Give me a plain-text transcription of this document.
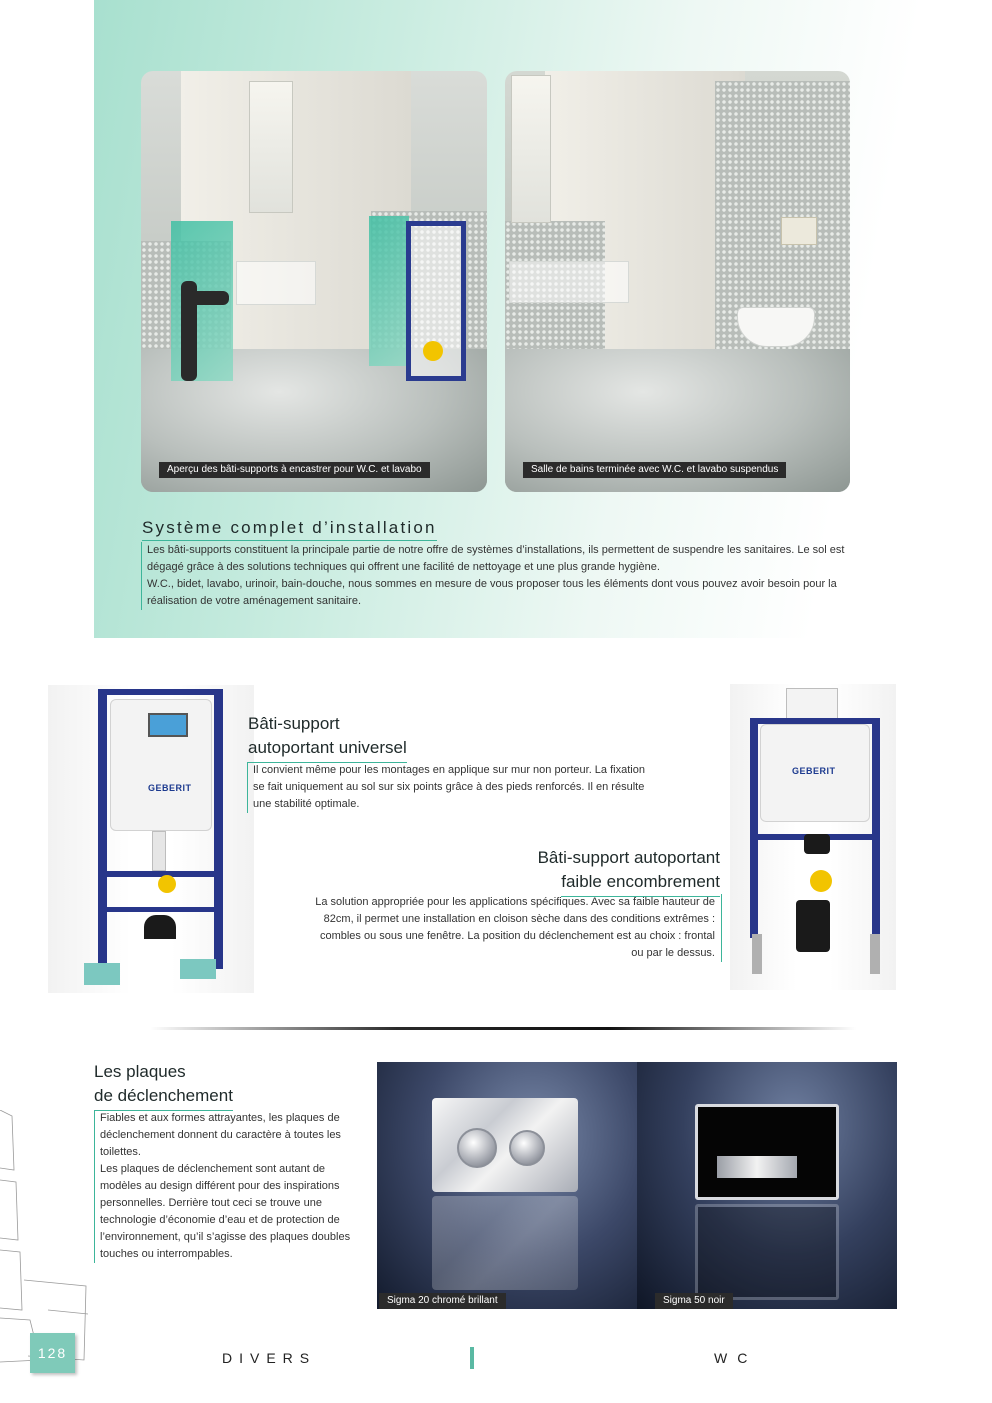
Aperçu des bâti-supports à encastrer pour W.C. et lavabo	Salle de bains terminée avec W.C. et lavabo suspendus
Système complet d’installation

Les bâti-supports constituent la principale partie de notre offre de systèmes d’installations, ils permettent de suspendre les sanitaires. Le sol est dégagé grâce à des solutions techniques qui offrent une facilité de nettoyage et une plus grande hygiène.

W.C., bidet, lavabo, urinoir, bain-douche, nous sommes en mesure de vous proposer tous les éléments dont vous pouvez avoir besoin pour la réalisation de votre aménagement sanitaire.

GEBERIT
Bâti-support
autoportant universel
Il convient même pour les montages en applique sur mur non porteur. La fixation se fait uniquement au sol sur six points grâce à des pieds renforcés. Il en résulte une stabilité optimale.
GEBERIT
Bâti-support autoportant
faible encombrement
La solution appropriée pour les applications spécifiques. Avec sa faible hauteur de 82cm, il permet une installation en cloison sèche dans des conditions extrêmes : combles ou sous une fenêtre. La position du déclenchement est au choix : frontal ou par le dessus.
Les plaques
de déclenchement

Fiables et aux formes attrayantes, les plaques de déclenchement donnent du caractère à toutes les toilettes.

Les plaques de déclenchement sont autant de modèles au design différent pour des inspirations personnelles. Derrière tout ceci se trouve une technologie d’économie d’eau et de protection de l’environnement, qu’il s’agisse des plaques doubles touches ou interrompables.

Sigma 20 chromé brillant	Sigma 50 noir
128	DIVERS	WC
